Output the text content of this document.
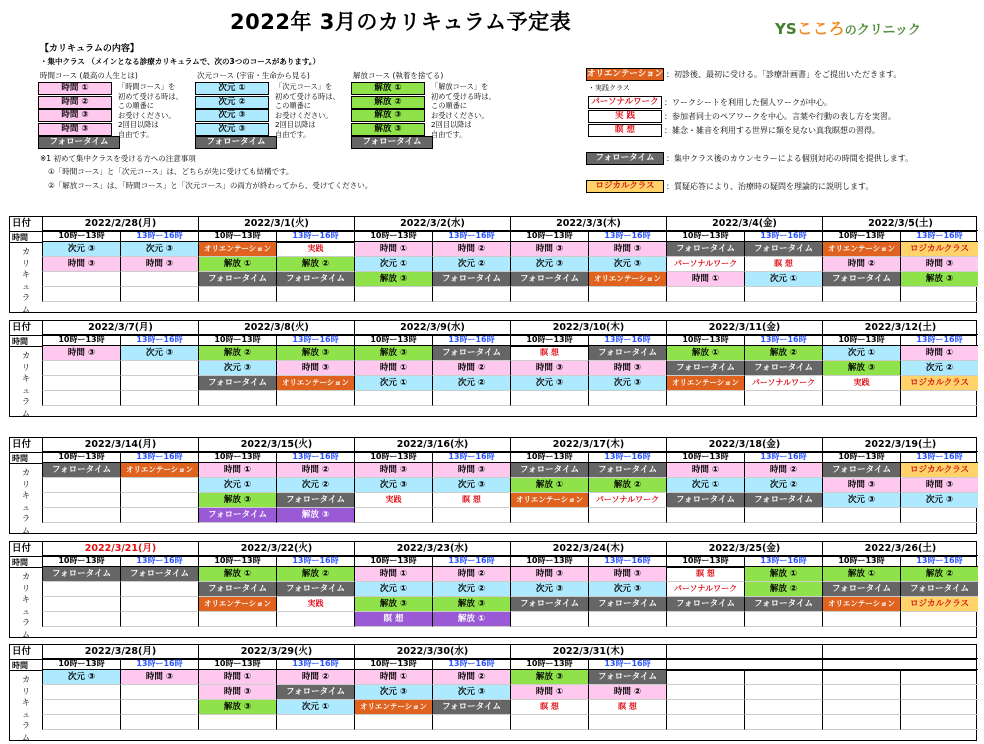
2022年 3月のカリキュラム予定表	YSこころのクリニック
【カリキュラムの内容】
・集中クラス （メインとなる診療カリキュラムで、次の3つのコースがあります。）
時間コース (最高の人生とは)
時間 ①
時間 ②
時間 ③
時間 ③
フォロータイム
「時間コース」を
初めて受ける時は、
この順番に
お受けください。
2回目以降は
自由です。
次元コース (宇宙・生命から見る)
次元 ①
次元 ②
次元 ③
次元 ③
フォロータイム
「次元コース」を
初めて受ける時は、
この順番に
お受けください。
2回目以降は
自由です。
解放コース (執着を捨てる)
解放 ①
解放 ②
解放 ③
解放 ③
フォロータイム
「解放コース」を
初めて受ける時は、
この順番に
お受けください。
2回目以降は
自由です。
※1 初めて集中クラスを受ける方への注意事項
①「時間コース」と「次元コース」は、どちらが先に受けても結構です。
②「解放コース」は、「時間コース」と「次元コース」の両方が終わってから、受けてください。
オリエンテーション ：初診後、最初に受ける。「診療計画書」をご提出いただきます。
・実践クラス
パーソナルワーク ：ワークシートを利用した個人ワークが中心。
実 践	：参加者同士のペアワークを中心。言葉や行動の表し方を実習。
瞑 想	：雑念・雑音を利用する世界に類を見ない真我瞑想の習得。
フォロータイム	：集中クラス後のカウンセラーによる個別対応の時間を提供します。
ロジカルクラス	：質疑応答により、治療時の疑問を理論的に説明します。
日付
時間
カ
リ
キ
ュ
ラ
ム
2022/2/28(月)
10時ー13時	13時ー16時
次元 ③	次元 ③
時間 ③	時間 ③
2022/3/1(火)
10時ー13時	13時ー16時
オリエンテーション	実践
解放 ①	解放 ②
フォロータイム	フォロータイム
2022/3/2(水)
10時ー13時	13時ー16時
時間 ①	時間 ②
次元 ①	次元 ②
解放 ③	フォロータイム
2022/3/3(木)
10時ー13時	13時ー16時
時間 ③	時間 ③
次元 ③	次元 ③
フォロータイム	オリエンテーション
2022/3/4(金)
10時ー13時	13時ー16時
フォロータイム	フォロータイム
パーソナルワーク	瞑 想
時間 ①	次元 ①
2022/3/5(土)
10時ー13時	13時ー16時
オリエンテーション	ロジカルクラス
時間 ②	時間 ③
フォロータイム	解放 ③
日付
時間
カ
リ
キ
ュ
ラ
ム
2022/3/7(月)
10時ー13時	13時ー16時
時間 ③	次元 ③
2022/3/8(火)
10時ー13時	13時ー16時
解放 ②	解放 ③
次元 ③	時間 ③
フォロータイム	オリエンテーション
2022/3/9(水)
10時ー13時	13時ー16時
解放 ③	フォロータイム
時間 ①	時間 ②
次元 ①	次元 ②
2022/3/10(木)
10時ー13時	13時ー16時
瞑 想	フォロータイム
時間 ③	時間 ③
次元 ③	次元 ③
2022/3/11(金)
10時ー13時	13時ー16時
解放 ①	解放 ②
フォロータイム	フォロータイム
オリエンテーション	パーソナルワーク
2022/3/12(土)
10時ー13時	13時ー16時
次元 ①	時間 ①
解放 ③	次元 ②
実践	ロジカルクラス
日付
時間
カ
リ
キ
ュ
ラ
ム
2022/3/14(月)
10時ー13時	13時ー16時
フォロータイム	オリエンテーション
2022/3/15(火)
10時ー13時	13時ー16時
時間 ①	時間 ②
次元 ①	次元 ②
解放 ③	フォロータイム
フォロータイム	解放 ③
2022/3/16(水)
10時ー13時	13時ー16時
時間 ③	時間 ③
次元 ③	次元 ③
実践	瞑 想
2022/3/17(木)
10時ー13時	13時ー16時
フォロータイム	フォロータイム
解放 ①	解放 ②
オリエンテーション	パーソナルワーク
2022/3/18(金)
10時ー13時	13時ー16時
時間 ①	時間 ②
次元 ①	次元 ②
フォロータイム	フォロータイム
2022/3/19(土)
10時ー13時	13時ー16時
フォロータイム	ロジカルクラス
時間 ③	時間 ③
次元 ③	次元 ③
日付
時間
カ
リ
キ
ュ
ラ
ム
2022/3/21(月)
10時ー13時	13時ー16時
フォロータイム	フォロータイム
2022/3/22(火)
10時ー13時	13時ー16時
解放 ①	解放 ②
フォロータイム	フォロータイム
オリエンテーション	実践
2022/3/23(水)
10時ー13時	13時ー16時
時間 ①	時間 ②
次元 ①	次元 ②
解放 ③	解放 ③
瞑 想	解放 ①
2022/3/24(木)
10時ー13時	13時ー16時
時間 ③	時間 ③
次元 ③	次元 ③
フォロータイム	フォロータイム
2022/3/25(金)
10時ー13時	13時ー16時
瞑 想	解放 ①
パーソナルワーク	解放 ②
フォロータイム	フォロータイム
2022/3/26(土)
10時ー13時	13時ー16時
解放 ①	解放 ②
フォロータイム	フォロータイム
オリエンテーション	ロジカルクラス
日付
時間
カ
リ
キ
ュ
ラ
ム
2022/3/28(月)
10時ー13時	13時ー16時
次元 ③	時間 ③
2022/3/29(火)
10時ー13時	13時ー16時
時間 ①	時間 ②
時間 ③	フォロータイム
解放 ③	次元 ①
2022/3/30(水)
10時ー13時	13時ー16時
時間 ①	時間 ②
次元 ③	次元 ③
オリエンテーション	フォロータイム
2022/3/31(木)
10時ー13時	13時ー16時
解放 ③	フォロータイム
時間 ①	時間 ②
瞑 想	瞑 想
